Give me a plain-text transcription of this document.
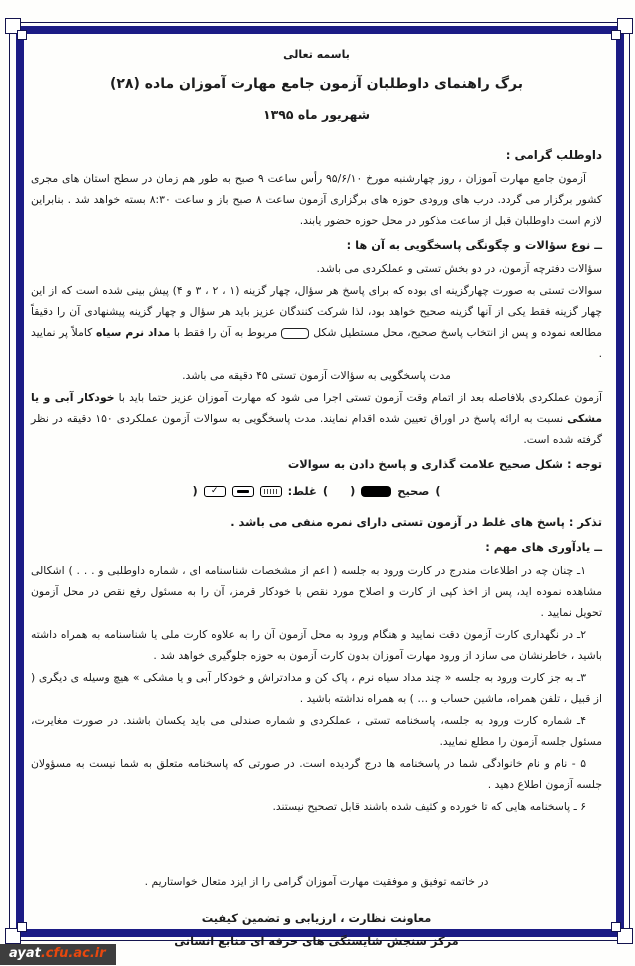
باسمه تعالی
برگ راهنمای داوطلبان آزمون جامع مهارت آموزان ماده (۲۸)
شهریور ماه ۱۳۹۵
داوطلب گرامی :

آزمون جامع مهارت آموزان ، روز چهارشنبه مورخ ۹۵/۶/۱۰ رأس ساعت ۹ صبح به طور هم زمان در سطح استان های مجری کشور برگزار می گردد. درب های ورودی حوزه های برگزاری آزمون ساعت ۸ صبح باز و ساعت ۸:۳۰ بسته خواهد شد . بنابراین لازم است داوطلبان قبل از ساعت مذکور در محل حوزه حضور یابند.

ــ نوع سؤالات و چگونگی پاسخگویی به آن ها :

سؤالات دفترچه آزمون، در دو بخش تستی و عملکردی می باشد.

سوالات تستی به صورت چهارگزینه ای بوده که برای پاسخ هر سؤال، چهار گزینه (۱ ، ۲ ، ۳ و ۴) پیش بینی شده است که از این چهار گزینه فقط یکی از آنها گزینه صحیح خواهد بود، لذا شرکت کنندگان عزیز باید هر سؤال و چهار گزینه پیشنهادی آن را دقیقاً مطالعه نموده و پس از انتخاب پاسخ صحیح، محل مستطیل شکلمربوط به آن را فقط با مداد نرم سیاه کاملاً پر نمایید .

مدت پاسخگویی به سؤالات آزمون تستی ۴۵ دقیقه می باشد.

آزمون عملکردی بلافاصله بعد از اتمام وقت آزمون تستی اجرا می شود که مهارت آموزان عزیز حتما باید با خودکار آبی و یا مشکی نسبت به ارائه پاسخ در اوراق تعیین شده اقدام نمایند. مدت پاسخگویی به سوالات آزمون عملکردی ۱۵۰ دقیقه در نظر گرفته شده است.

توجه : شکل صحیح علامت گذاری و پاسخ دادن به سوالات
(
صحیح
)
(
غلط:
✓
)
تذکر : پاسخ های غلط در آزمون تستی دارای نمره منفی می باشد .
ــ یادآوری های مهم :

۱ـ چنان چه در اطلاعات مندرج در کارت ورود به جلسه ( اعم از مشخصات شناسنامه ای ، شماره داوطلبی و . . . ) اشکالی مشاهده نموده اید، پس از اخذ کپی از کارت و اصلاح مورد نقص با خودکار قرمز، آن را به مسئول رفع نقص در محل آزمون تحویل نمایید .

۲ـ در نگهداری کارت آزمون دقت نمایید و هنگام ورود به محل آزمون آن را به علاوه کارت ملی یا شناسنامه به همراه داشته باشید ، خاطرنشان می سازد از ورود مهارت آموزان بدون کارت آزمون به حوزه جلوگیری خواهد شد .

۳ـ به جز کارت ورود به جلسه « چند مداد سیاه نرم ، پاک کن و مدادتراش و خودکار آبی و یا مشکی » هیچ وسیله ی دیگری ( از قبیل ، تلفن همراه، ماشین حساب و … ) به همراه نداشته باشید .

۴ـ شماره کارت ورود به جلسه، پاسخنامه تستی ، عملکردی و شماره صندلی می باید یکسان باشند. در صورت مغایرت، مسئول جلسه آزمون را مطلع نمایید.

۵ - نام و نام خانوادگی شما در پاسخنامه ها درج گردیده است. در صورتی که پاسخنامه متعلق به شما نیست به مسؤولان جلسه آزمون اطلاع دهید .

۶ ـ پاسخنامه هایی که تا خورده و کثیف شده باشند قابل تصحیح نیستند.

در خاتمه توفیق و موفقیت مهارت آموزان گرامی را از ایزد متعال خواستاریم .
معاونت نظارت ، ارزیابی و تضمین کیفیت
مرکز سنجش شایستگی های حرفه ای منابع انسانی
ayat.cfu.ac.ir
